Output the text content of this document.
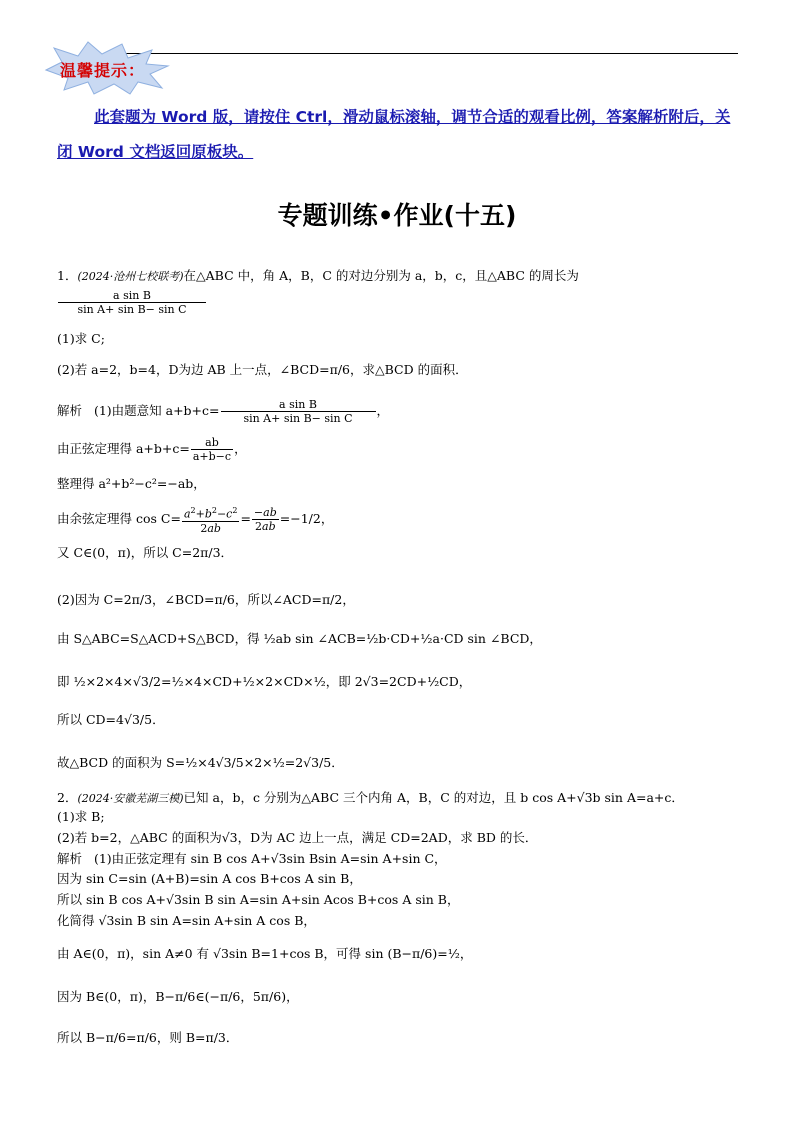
温馨提示：
此套题为 Word 版，请按住 Ctrl，滑动鼠标滚轴，调节合适的观看比例，答案解析附后，关闭 Word 文档返回原板块。
专题训练•作业(十五)
1．(2024·沧州七校联考)在△ABC 中，角 A，B，C 的对边分别为 a，b，c，且△ABC 的周长为
$\frac{\text{a sin B}}{\text{sin A+ sin B− sin C}}$
(1)求 C;
(2)若 a=2，b=4，D为边 AB 上一点，∠BCD=π/6，求△BCD 的面积．
解析 (1)由题意知 $a+b+c= \frac{\text{a sin B}}{\text{sin A+ sin B− sin C}}$ ，
由正弦定理得 $a+b+c= \frac{ab}{a+b-c}$ ，
整理得 a²+b²−c²=−ab，
由余弦定理得 $\cos C= \frac{a^2+b^2-c^2}{2ab} = \frac{-ab}{2ab} =-1/2$，
又 C∈(0，π)，所以 C=2π/3．
(2)因为 C=2π/3，∠BCD=π/6，所以∠ACD=π/2，
由 S△ABC=S△ACD+S△BCD，得 ½ab sin ∠ACB=½b·CD+½a·CD sin ∠BCD，
即 ½×2×4×√3/2=½×4×CD+½×2×CD×½，即 2√3=2CD+½CD，
所以 CD=4√3/5．
故△BCD 的面积为 S=½×4√3/5×2×½=2√3/5．
2．(2024·安徽芜湖三模)已知 a，b，c 分别为△ABC 三个内角 A，B，C 的对边，且 b cos A+√3b sin A=a+c．
(1)求 B;
(2)若 b=2，△ABC 的面积为√3，D为 AC 边上一点，满足 CD=2AD，求 BD 的长．
解析 (1)由正弦定理有 sin B cos A+√3sin Bsin A=sin A+sin C，
因为 sin C=sin (A+B)=sin A cos B+cos A sin B，
所以 sin B cos A+√3sin B sin A=sin A+sin Acos B+cos A sin B，
化简得 √3sin B sin A=sin A+sin A cos B，
由 A∈(0，π)，sin A≠0 有 √3sin B=1+cos B，可得 sin (B−π/6)=½，
因为 B∈(0，π)，B−π/6∈(−π/6，5π/6)，
所以 B−π/6=π/6，则 B=π/3．
